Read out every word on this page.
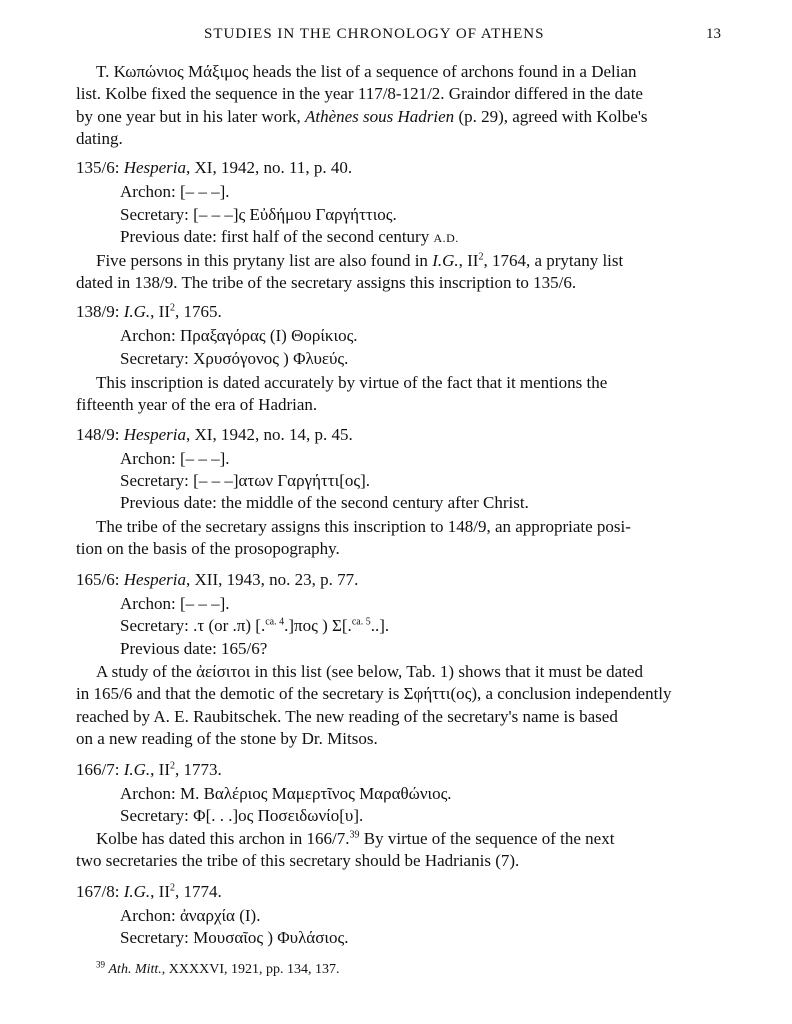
STUDIES IN THE CHRONOLOGY OF ATHENS	13
T. Κωπώνιος Μάξιμος heads the list of a sequence of archons found in a Delian
list. Kolbe fixed the sequence in the year 117/8-121/2. Graindor differed in the date
by one year but in his later work, Athènes sous Hadrien (p. 29), agreed with Kolbe's
dating.
135/6: Hesperia, XI, 1942, no. 11, p. 40.
Archon: [– – –].
Secretary: [– – –]ς Εὐδήμου Γαργήττιος.
Previous date: first half of the second century A.D.
Five persons in this prytany list are also found in I.G., $II^2$, 1764, a prytany list
dated in 138/9. The tribe of the secretary assigns this inscription to 135/6.
138/9: I.G., $II^2$, 1765.
Archon: Πραξαγόρας (I) Θορίκιος.
Secretary: Χρυσόγονος ) Φλυεύς.
This inscription is dated accurately by virtue of the fact that it mentions the
fifteenth year of the era of Hadrian.
148/9: Hesperia, XI, 1942, no. 14, p. 45.
Archon: [– – –].
Secretary: [– – –]ατων Γαργήττι[ος].
Previous date: the middle of the second century after Christ.
The tribe of the secretary assigns this inscription to 148/9, an appropriate posi-
tion on the basis of the prosopography.
165/6: Hesperia, XII, 1943, no. 23, p. 77.
Archon: [– – –].
Secretary: .τ (or .π) [.$^{ca. 4}$.]πος ) Σ[.$^{ca. 5}$..].
Previous date: 165/6?
A study of the ἀείσιτοι in this list (see below, Tab. 1) shows that it must be dated
in 165/6 and that the demotic of the secretary is Σφήττι(ος), a conclusion independently
reached by A. E. Raubitschek. The new reading of the secretary's name is based
on a new reading of the stone by Dr. Mitsos.
166/7: I.G., $II^2$, 1773.
Archon: M. Βαλέριος Μαμερτῖνος Μαραθώνιος.
Secretary: Φ[. . .]ος Ποσειδωνίο[υ].
Kolbe has dated this archon in 166/7.39 By virtue of the sequence of the next
two secretaries the tribe of this secretary should be Hadrianis (7).
167/8: I.G., $II^2$, 1774.
Archon: ἀναρχία (I).
Secretary: Μουσαῖος ) Φυλάσιος.
$^{39}$ Ath. Mitt., XXXXVI, 1921, pp. 134, 137.
